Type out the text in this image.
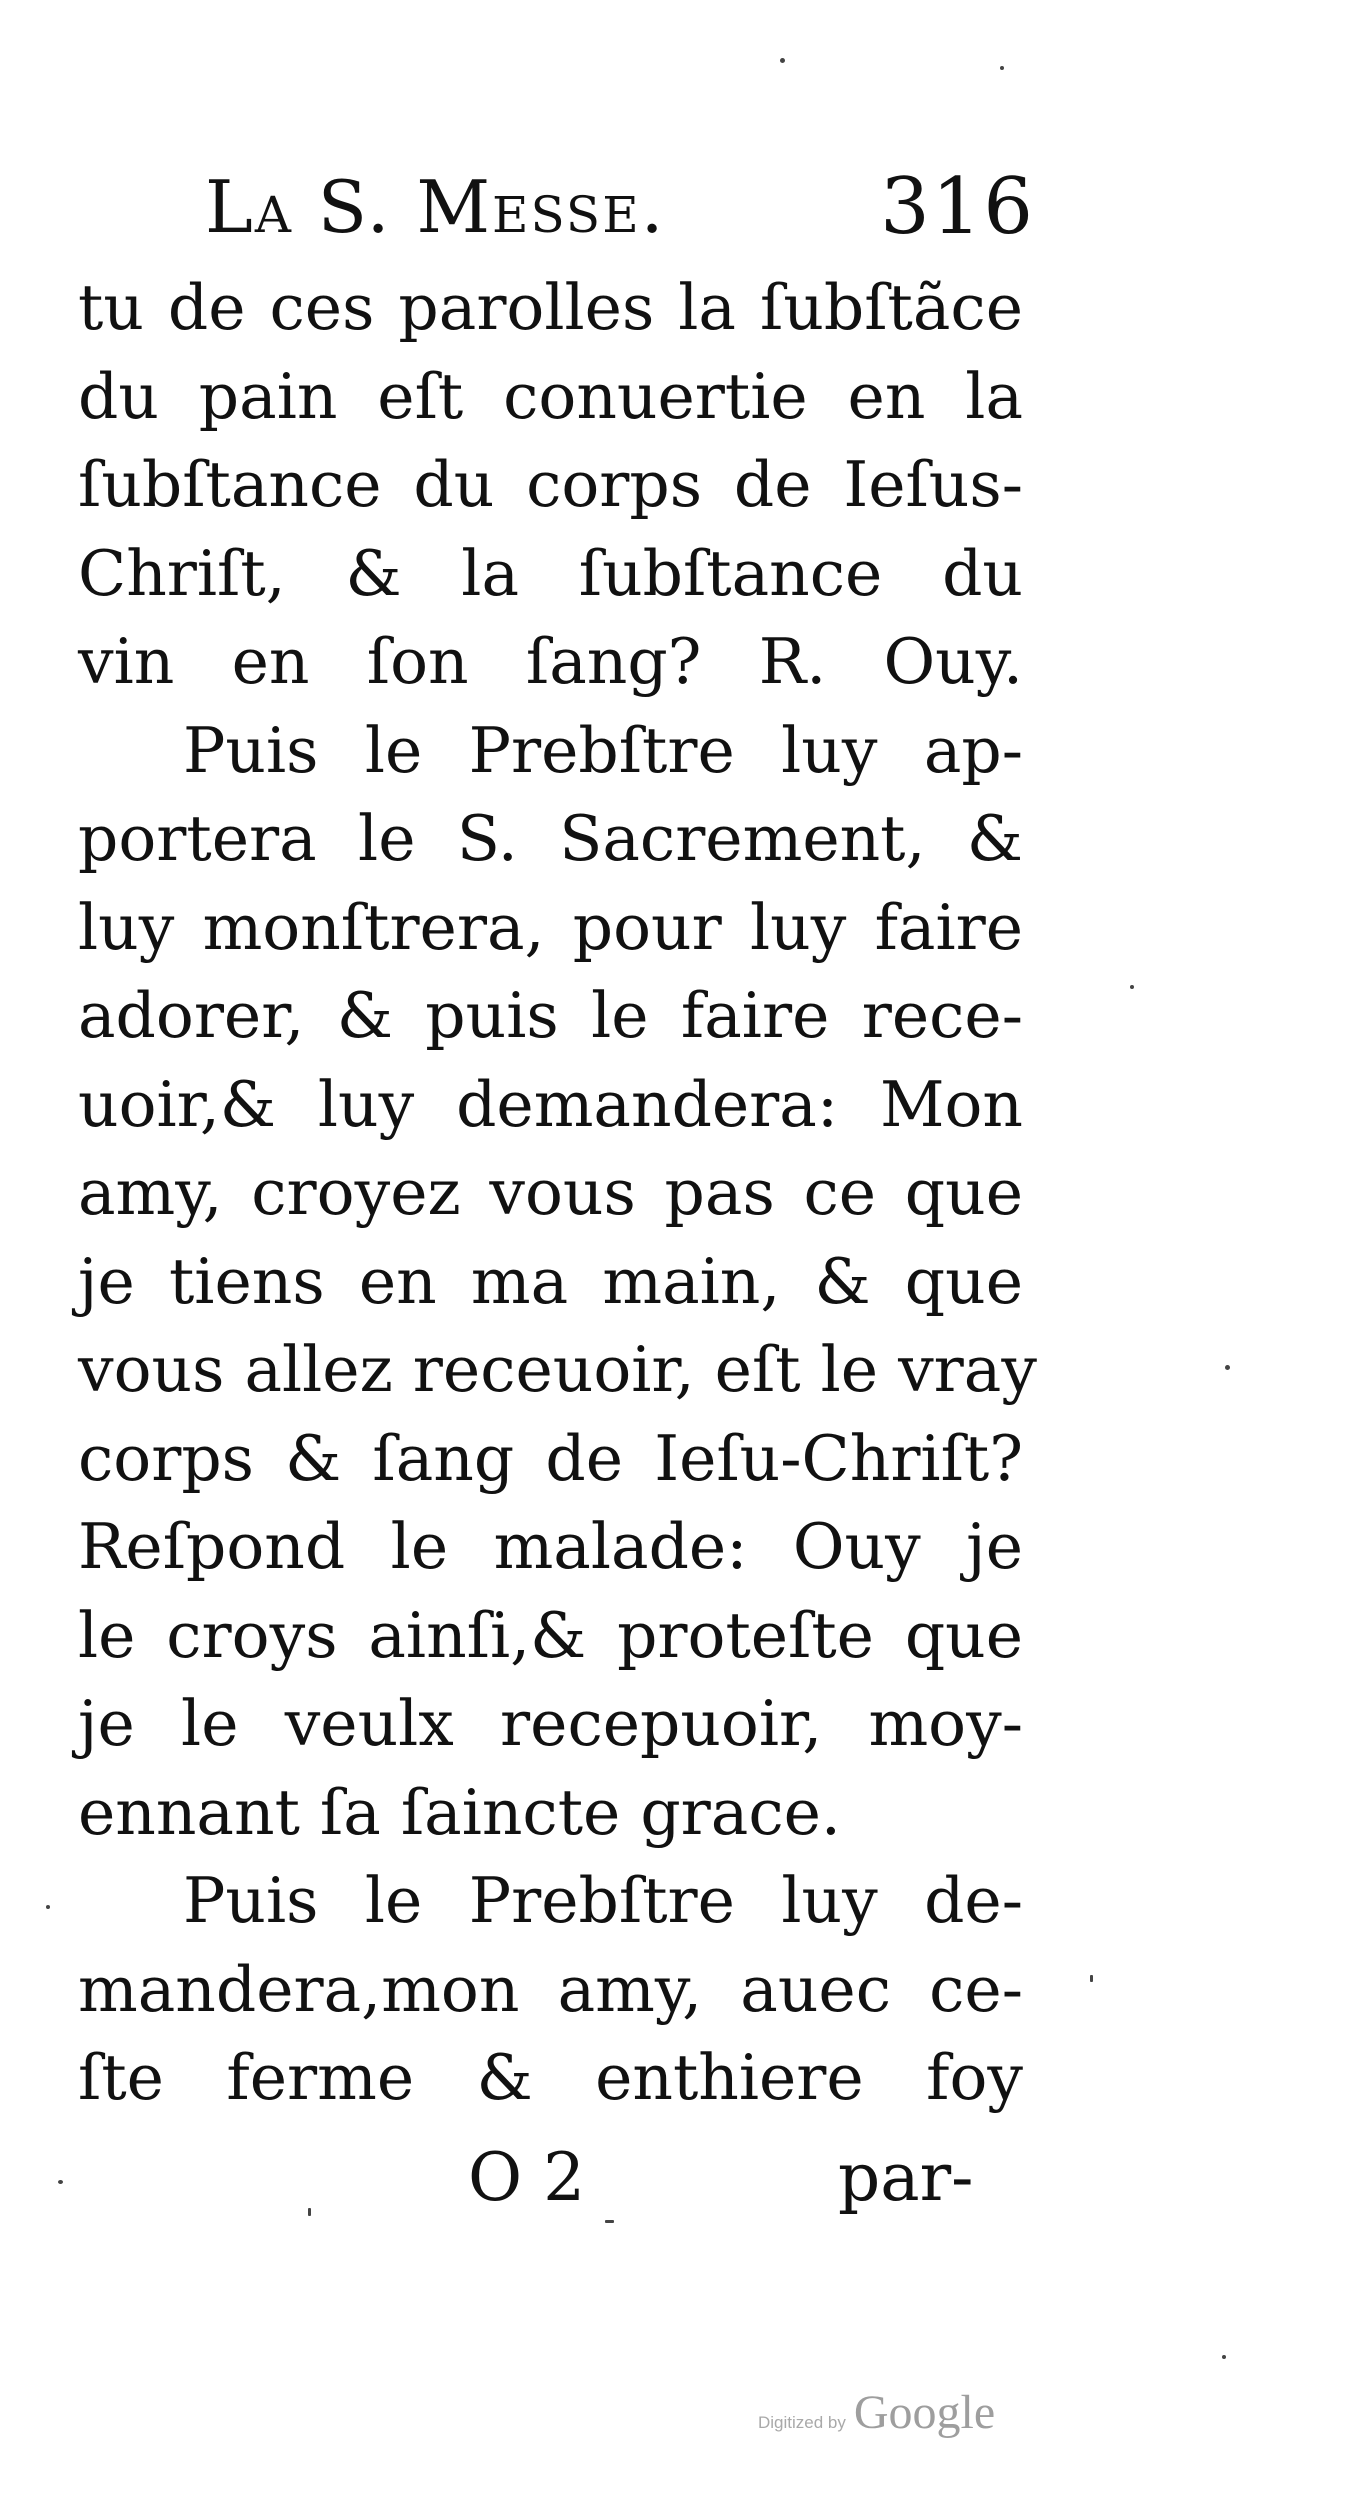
La S. Messe.	316
tu de ces parolles la ſubſtãce
du pain eſt conuertie en la
ſubſtance du corps de Ieſus-
Chriſt, & la ſubſtance du
vin en ſon ſang? R. Ouy.
Puis le Prebſtre luy ap-
portera le S. Sacrement, &
luy monſtrera, pour luy faire
adorer, & puis le faire rece-
uoir,& luy demandera: Mon
amy, croyez vous pas ce que
je tiens en ma main, & que
vous allez receuoir, eſt le vray
corps & ſang de Ieſu-Chriſt?
Reſpond le malade: Ouy je
le croys ainſi,& proteſte que
je le veulx recepuoir, moy-
ennant ſa ſaincte grace.
Puis le Prebſtre luy de-
mandera,mon amy, auec ce-
ſte ferme & enthiere foy
O 2	par-
Digitized by Google
